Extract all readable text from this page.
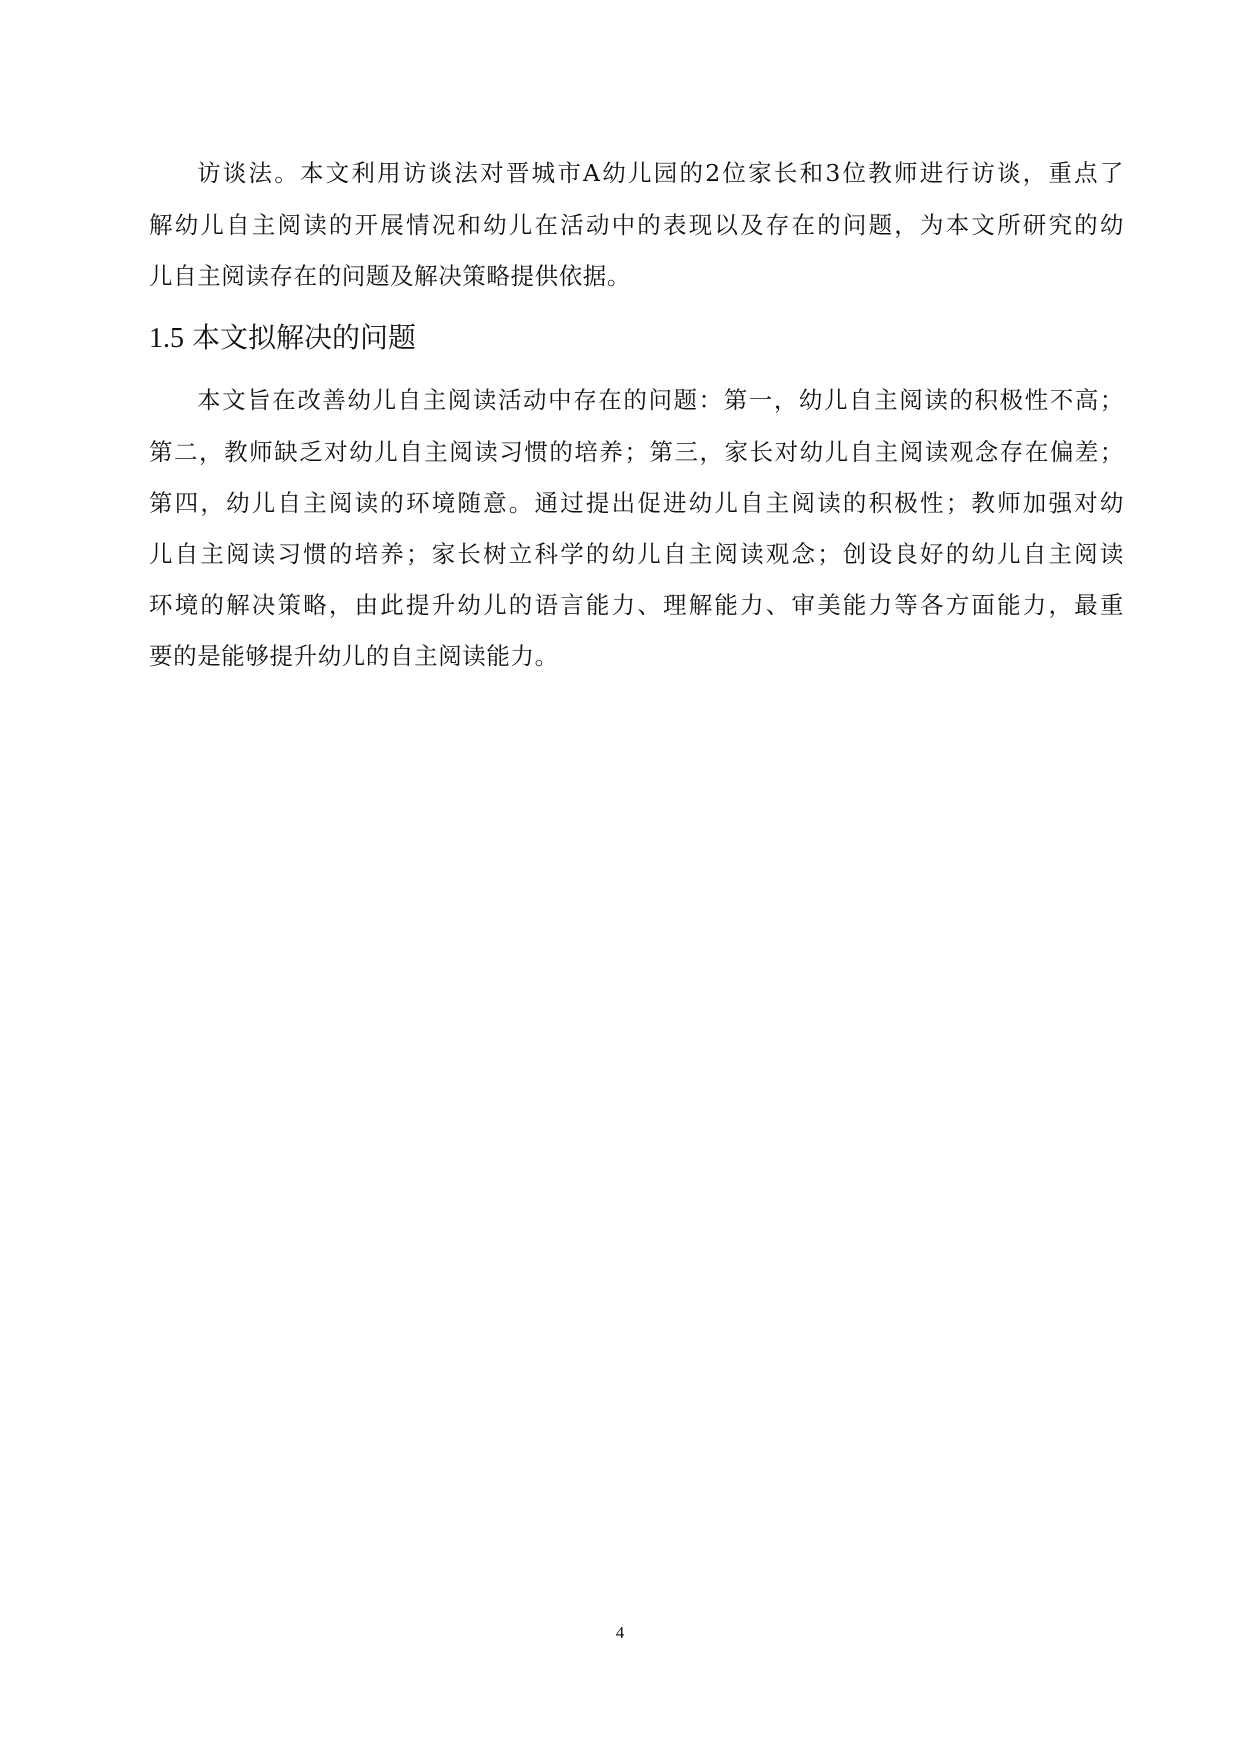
访谈法。本文利用访谈法对晋城市A幼儿园的2位家长和3位教师进行访谈，重点了
解幼儿自主阅读的开展情况和幼儿在活动中的表现以及存在的问题，为本文所研究的幼
儿自主阅读存在的问题及解决策略提供依据。
1.5 本文拟解决的问题
本文旨在改善幼儿自主阅读活动中存在的问题：第一，幼儿自主阅读的积极性不高；
第二，教师缺乏对幼儿自主阅读习惯的培养；第三，家长对幼儿自主阅读观念存在偏差；
第四，幼儿自主阅读的环境随意。通过提出促进幼儿自主阅读的积极性；教师加强对幼
儿自主阅读习惯的培养；家长树立科学的幼儿自主阅读观念；创设良好的幼儿自主阅读
环境的解决策略，由此提升幼儿的语言能力、理解能力、审美能力等各方面能力，最重
要的是能够提升幼儿的自主阅读能力。
4
